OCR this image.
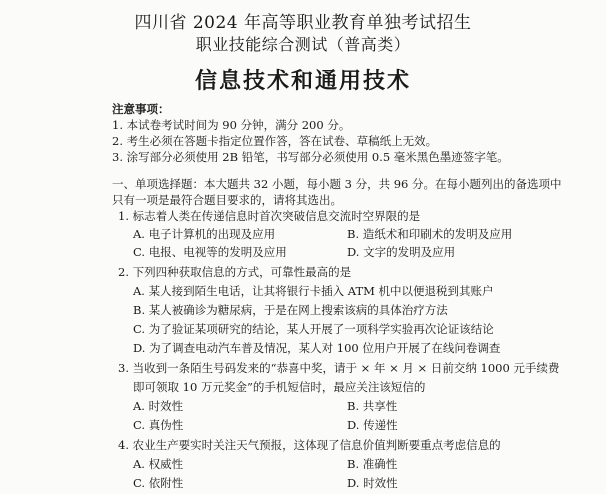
四川省 2024 年高等职业教育单独考试招生
职业技能综合测试（普高类）
信息技术和通用技术
注意事项：
1. 本试卷考试时间为 90 分钟，满分 200 分。
2. 考生必须在答题卡指定位置作答，答在试卷、草稿纸上无效。
3. 涂写部分必须使用 2B 铅笔，书写部分必须使用 0.5 毫米黑色墨迹签字笔。
一、单项选择题：本大题共 32 小题，每小题 3 分，共 96 分。在每小题列出的备选项中
只有一项是最符合题目要求的，请将其选出。
1. 标志着人类在传递信息时首次突破信息交流时空界限的是
A. 电子计算机的出现及应用	B. 造纸术和印刷术的发明及应用
C. 电报、电视等的发明及应用	D. 文字的发明及应用
2. 下列四种获取信息的方式，可靠性最高的是
A. 某人接到陌生电话，让其将银行卡插入 ATM 机中以便退税到其账户
B. 某人被确诊为糖尿病，于是在网上搜索该病的具体治疗方法
C. 为了验证某项研究的结论，某人开展了一项科学实验再次论证该结论
D. 为了调查电动汽车普及情况，某人对 100 位用户开展了在线问卷调查
3. 当收到一条陌生号码发来的“恭喜中奖，请于 × 年 × 月 × 日前交纳 1000 元手续费
即可领取 10 万元奖金”的手机短信时，最应关注该短信的
A. 时效性	B. 共享性
C. 真伪性	D. 传递性
4. 农业生产要实时关注天气预报，这体现了信息价值判断要重点考虑信息的
A. 权威性	B. 准确性
C. 依附性	D. 时效性
